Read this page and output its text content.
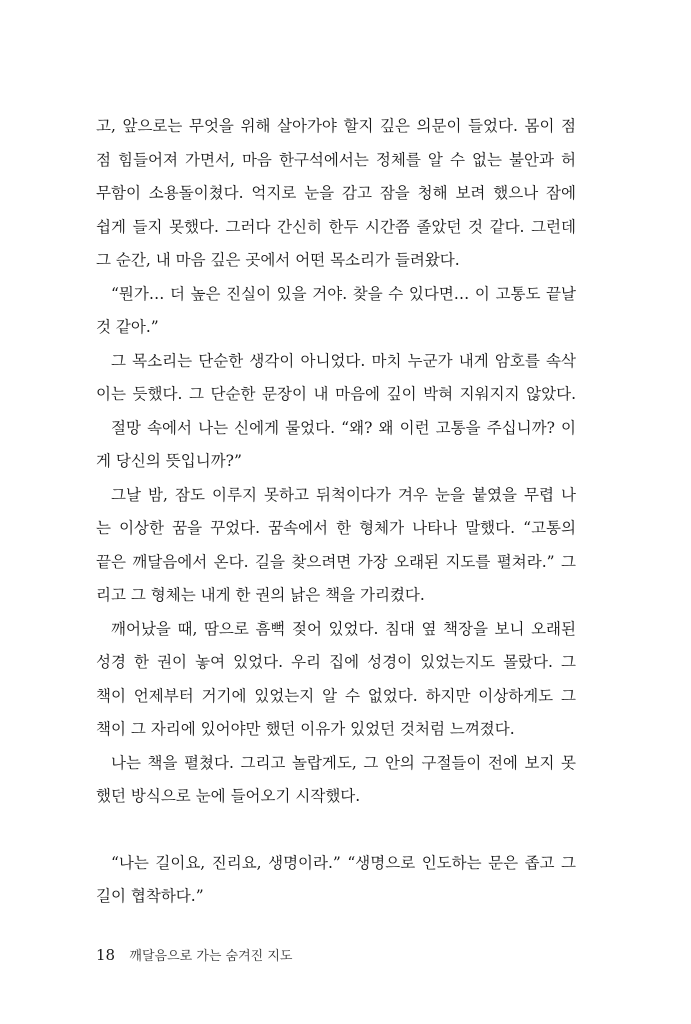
고, 앞으로는 무엇을 위해 살아가야 할지 깊은 의문이 들었다. 몸이 점
점 힘들어져 가면서, 마음 한구석에서는 정체를 알 수 없는 불안과 허
무함이 소용돌이쳤다. 억지로 눈을 감고 잠을 청해 보려 했으나 잠에
쉽게 들지 못했다. 그러다 간신히 한두 시간쯤 졸았던 것 같다. 그런데
그 순간, 내 마음 깊은 곳에서 어떤 목소리가 들려왔다.
“뭔가… 더 높은 진실이 있을 거야. 찾을 수 있다면… 이 고통도 끝날
것 같아.”
그 목소리는 단순한 생각이 아니었다. 마치 누군가 내게 암호를 속삭
이는 듯했다. 그 단순한 문장이 내 마음에 깊이 박혀 지워지지 않았다.
절망 속에서 나는 신에게 물었다. “왜? 왜 이런 고통을 주십니까? 이
게 당신의 뜻입니까?”
그날 밤, 잠도 이루지 못하고 뒤척이다가 겨우 눈을 붙였을 무렵 나
는 이상한 꿈을 꾸었다. 꿈속에서 한 형체가 나타나 말했다. “고통의
끝은 깨달음에서 온다. 길을 찾으려면 가장 오래된 지도를 펼쳐라.” 그
리고 그 형체는 내게 한 권의 낡은 책을 가리켰다.
깨어났을 때, 땀으로 흠뻑 젖어 있었다. 침대 옆 책장을 보니 오래된
성경 한 권이 놓여 있었다. 우리 집에 성경이 있었는지도 몰랐다. 그
책이 언제부터 거기에 있었는지 알 수 없었다. 하지만 이상하게도 그
책이 그 자리에 있어야만 했던 이유가 있었던 것처럼 느껴졌다.
나는 책을 펼쳤다. 그리고 놀랍게도, 그 안의 구절들이 전에 보지 못
했던 방식으로 눈에 들어오기 시작했다.
“나는 길이요, 진리요, 생명이라.” “생명으로 인도하는 문은 좁고 그
길이 협착하다.”
18 깨달음으로 가는 숨겨진 지도
